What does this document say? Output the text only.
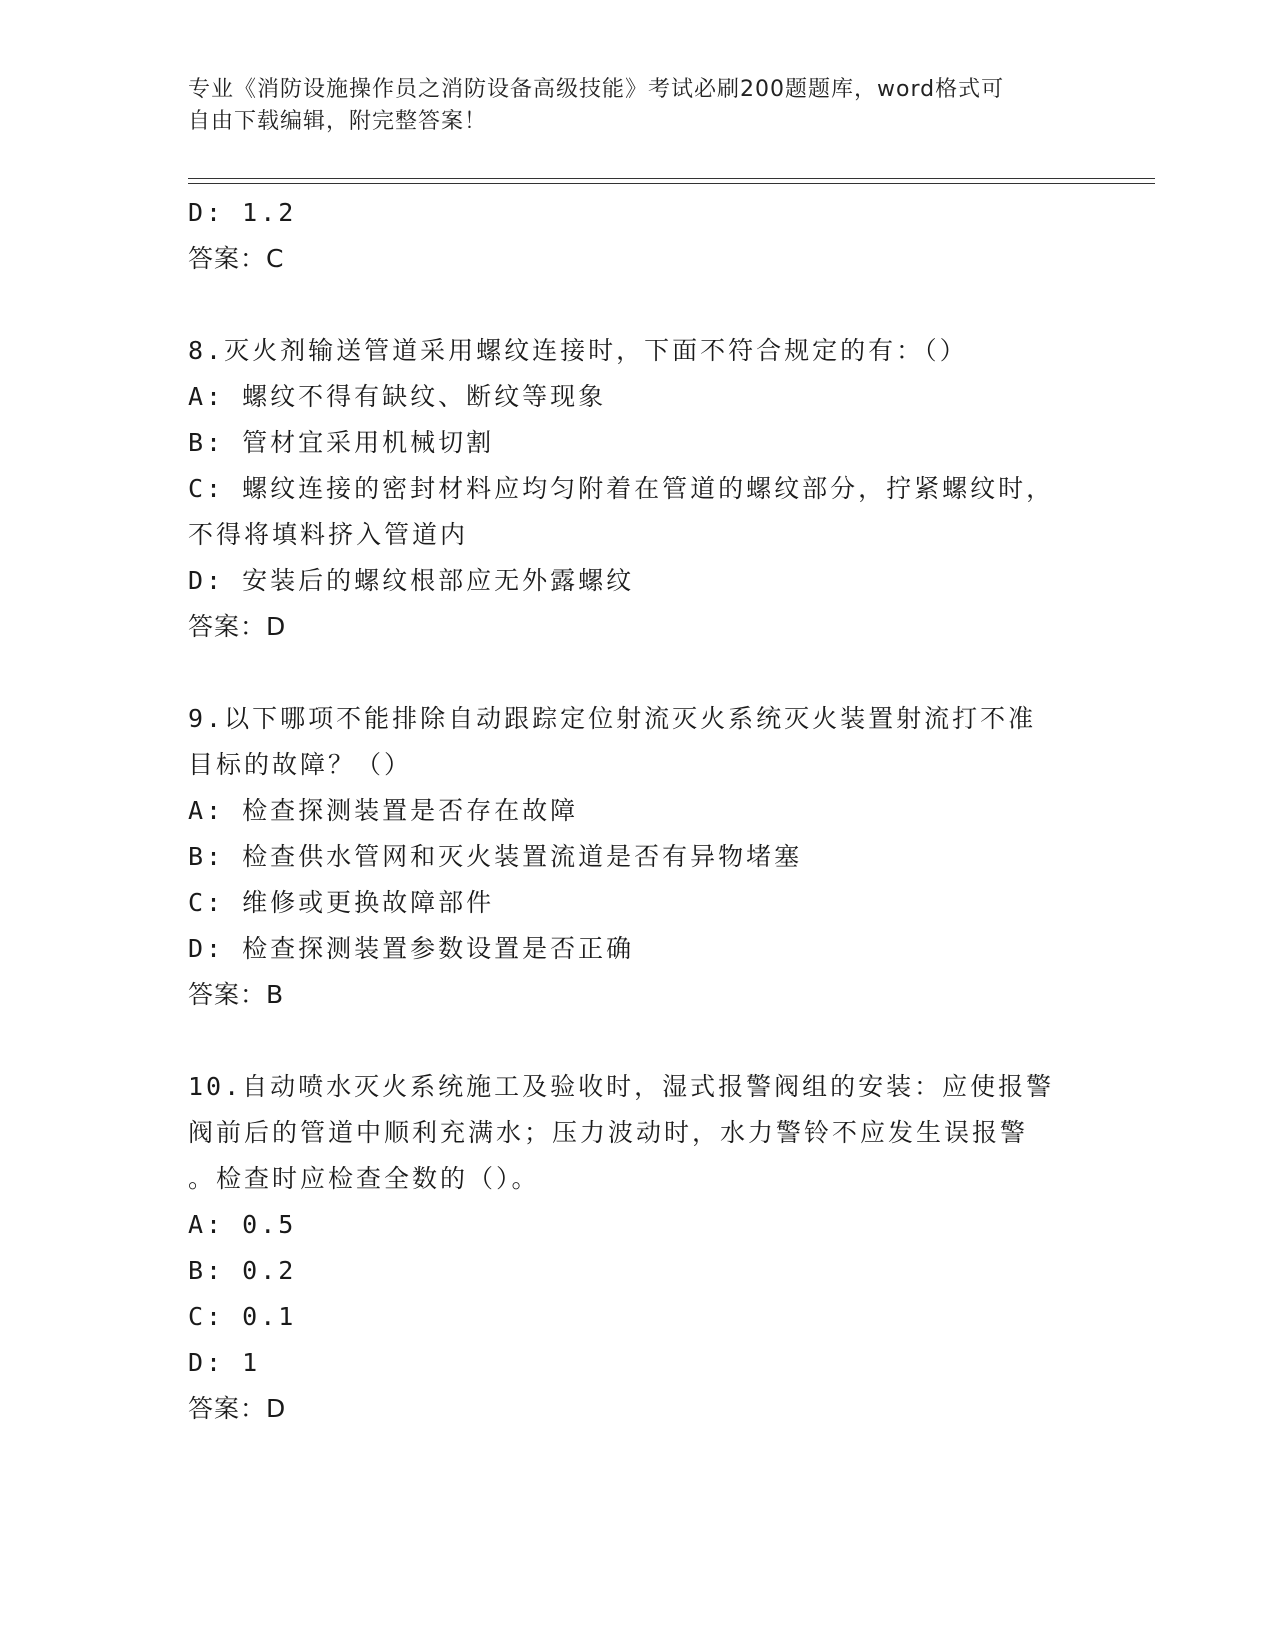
专业《消防设施操作员之消防设备高级技能》考试必刷200题题库，word格式可
自由下载编辑，附完整答案！
D: 1.2
答案：C
8.灭火剂输送管道采用螺纹连接时，下面不符合规定的有：（）
A: 螺纹不得有缺纹、断纹等现象
B: 管材宜采用机械切割
C: 螺纹连接的密封材料应均匀附着在管道的螺纹部分，拧紧螺纹时，
不得将填料挤入管道内
D: 安装后的螺纹根部应无外露螺纹
答案：D
9.以下哪项不能排除自动跟踪定位射流灭火系统灭火装置射流打不准
目标的故障？（）
A: 检查探测装置是否存在故障
B: 检查供水管网和灭火装置流道是否有异物堵塞
C: 维修或更换故障部件
D: 检查探测装置参数设置是否正确
答案：B
10.自动喷水灭火系统施工及验收时，湿式报警阀组的安装：应使报警
阀前后的管道中顺利充满水；压力波动时，水力警铃不应发生误报警
。检查时应检查全数的（）。
A: 0.5
B: 0.2
C: 0.1
D: 1
答案：D
